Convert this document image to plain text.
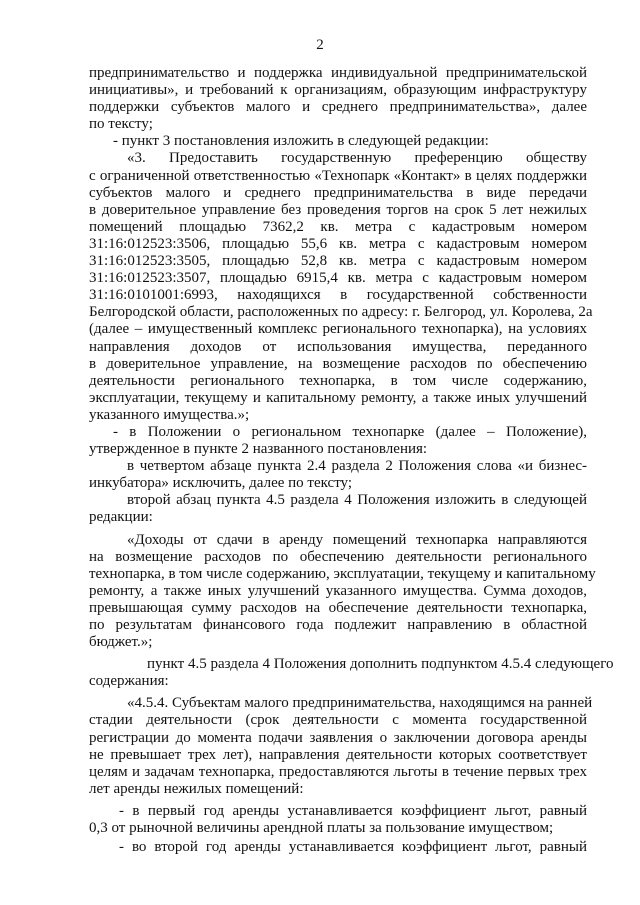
2
предпринимательство и поддержка индивидуальной предпринимательской
инициативы», и требований к организациям, образующим инфраструктуру
поддержки субъектов малого и среднего предпринимательства», далее
по тексту;
- пункт 3 постановления изложить в следующей редакции:
«3. Предоставить государственную преференцию обществу
с ограниченной ответственностью «Технопарк «Контакт» в целях поддержки
субъектов малого и среднего предпринимательства в виде передачи
в доверительное управление без проведения торгов на срок 5 лет нежилых
помещений площадью 7362,2 кв. метра с кадастровым номером
31:16:012523:3506, площадью 55,6 кв. метра с кадастровым номером
31:16:012523:3505, площадью 52,8 кв. метра с кадастровым номером
31:16:012523:3507, площадью 6915,4 кв. метра с кадастровым номером
31:16:0101001:6993, находящихся в государственной собственности
Белгородской области, расположенных по адресу: г. Белгород, ул. Королева, 2а
(далее – имущественный комплекс регионального технопарка), на условиях
направления доходов от использования имущества, переданного
в доверительное управление, на возмещение расходов по обеспечению
деятельности регионального технопарка, в том числе содержанию,
эксплуатации, текущему и капитальному ремонту, а также иных улучшений
указанного имущества.»;
- в Положении о региональном технопарке (далее – Положение),
утвержденное в пункте 2 названного постановления:
в четвертом абзаце пункта 2.4 раздела 2 Положения слова «и бизнес-
инкубатора» исключить, далее по тексту;
второй абзац пункта 4.5 раздела 4 Положения изложить в следующей
редакции:
«Доходы от сдачи в аренду помещений технопарка направляются
на возмещение расходов по обеспечению деятельности регионального
технопарка, в том числе содержанию, эксплуатации, текущему и капитальному
ремонту, а также иных улучшений указанного имущества. Сумма доходов,
превышающая сумму расходов на обеспечение деятельности технопарка,
по результатам финансового года подлежит направлению в областной
бюджет.»;
пункт 4.5 раздела 4 Положения дополнить подпунктом 4.5.4 следующего
содержания:
«4.5.4. Субъектам малого предпринимательства, находящимся на ранней
стадии деятельности (срок деятельности с момента государственной
регистрации до момента подачи заявления о заключении договора аренды
не превышает трех лет), направления деятельности которых соответствует
целям и задачам технопарка, предоставляются льготы в течение первых трех
лет аренды нежилых помещений:
- в первый год аренды устанавливается коэффициент льгот, равный
0,3 от рыночной величины арендной платы за пользование имуществом;
- во второй год аренды устанавливается коэффициент льгот, равный
